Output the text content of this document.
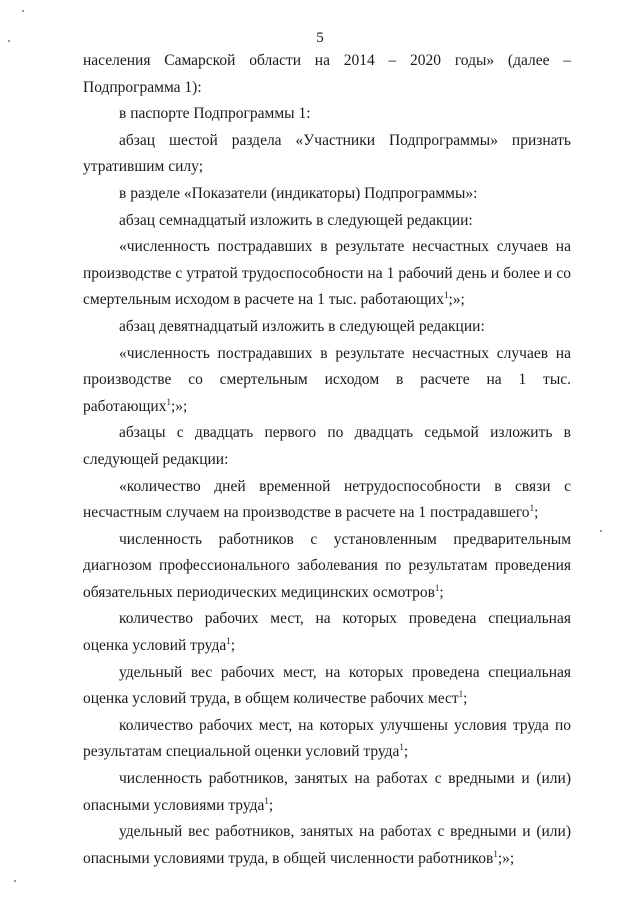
5

населения Самарской области на 2014 – 2020 годы» (далее – Подпрограмма 1):

в паспорте Подпрограммы 1:

абзац шестой раздела «Участники Подпрограммы» признать утратившим силу;

в разделе «Показатели (индикаторы) Подпрограммы»:

абзац семнадцатый изложить в следующей редакции:

«численность пострадавших в результате несчастных случаев на производстве с утратой трудоспособности на 1 рабочий день и более и со смертельным исходом в расчете на 1 тыс. работающих$^1$;»;

абзац девятнадцатый изложить в следующей редакции:

«численность пострадавших в результате несчастных случаев на производстве со смертельным исходом в расчете на 1 тыс. работающих$^1$;»;

абзацы с двадцать первого по двадцать седьмой изложить в следующей редакции:

«количество дней временной нетрудоспособности в связи с несчастным случаем на производстве в расчете на 1 пострадавшего$^1$;

численность работников с установленным предварительным диагнозом профессионального заболевания по результатам проведения обязательных периодических медицинских осмотров$^1$;

количество рабочих мест, на которых проведена специальная оценка условий труда$^1$;

удельный вес рабочих мест, на которых проведена специальная оценка условий труда, в общем количестве рабочих мест$^1$;

количество рабочих мест, на которых улучшены условия труда по результатам специальной оценки условий труда$^1$;

численность работников, занятых на работах с вредными и (или) опасными условиями труда$^1$;

удельный вес работников, занятых на работах с вредными и (или) опасными условиями труда, в общей численности работников$^1$;»;
